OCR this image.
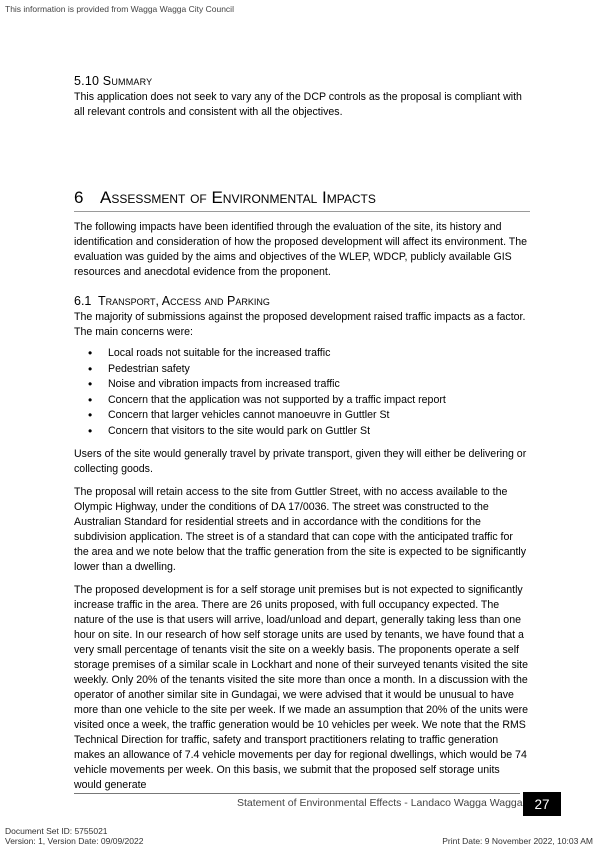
This information is provided from Wagga Wagga City Council
5.10 Summary

This application does not seek to vary any of the DCP controls as the proposal is compliant with all relevant controls and consistent with all the objectives.

6 Assessment of Environmental Impacts

The following impacts have been identified through the evaluation of the site, its history and identification and consideration of how the proposed development will affect its environment. The evaluation was guided by the aims and objectives of the WLEP, WDCP, publicly available GIS resources and anecdotal evidence from the proponent.

6.1 Transport, Access and Parking

The majority of submissions against the proposed development raised traffic impacts as a factor. The main concerns were:

• Local roads not suitable for the increased traffic
• Pedestrian safety
• Noise and vibration impacts from increased traffic
• Concern that the application was not supported by a traffic impact report
• Concern that larger vehicles cannot manoeuvre in Guttler St
• Concern that visitors to the site would park on Guttler St

Users of the site would generally travel by private transport, given they will either be delivering or collecting goods.

The proposal will retain access to the site from Guttler Street, with no access available to the Olympic Highway, under the conditions of DA 17/0036. The street was constructed to the Australian Standard for residential streets and in accordance with the conditions for the subdivision application. The street is of a standard that can cope with the anticipated traffic for the area and we note below that the traffic generation from the site is expected to be significantly lower than a dwelling.

The proposed development is for a self storage unit premises but is not expected to significantly increase traffic in the area. There are 26 units proposed, with full occupancy expected. The nature of the use is that users will arrive, load/unload and depart, generally taking less than one hour on site. In our research of how self storage units are used by tenants, we have found that a very small percentage of tenants visit the site on a weekly basis. The proponents operate a self storage premises of a similar scale in Lockhart and none of their surveyed tenants visited the site weekly. Only 20% of the tenants visited the site more than once a month. In a discussion with the operator of another similar site in Gundagai, we were advised that it would be unusual to have more than one vehicle to the site per week. If we made an assumption that 20% of the units were visited once a week, the traffic generation would be 10 vehicles per week. We note that the RMS Technical Direction for traffic, safety and transport practitioners relating to traffic generation makes an allowance of 7.4 vehicle movements per day for regional dwellings, which would be 74 vehicle movements per week. On this basis, we submit that the proposed self storage units would generate

Statement of Environmental Effects - Landaco Wagga Wagga 27
Document Set ID: 5755021
Version: 1, Version Date: 09/09/2022	Print Date: 9 November 2022, 10:03 AM
